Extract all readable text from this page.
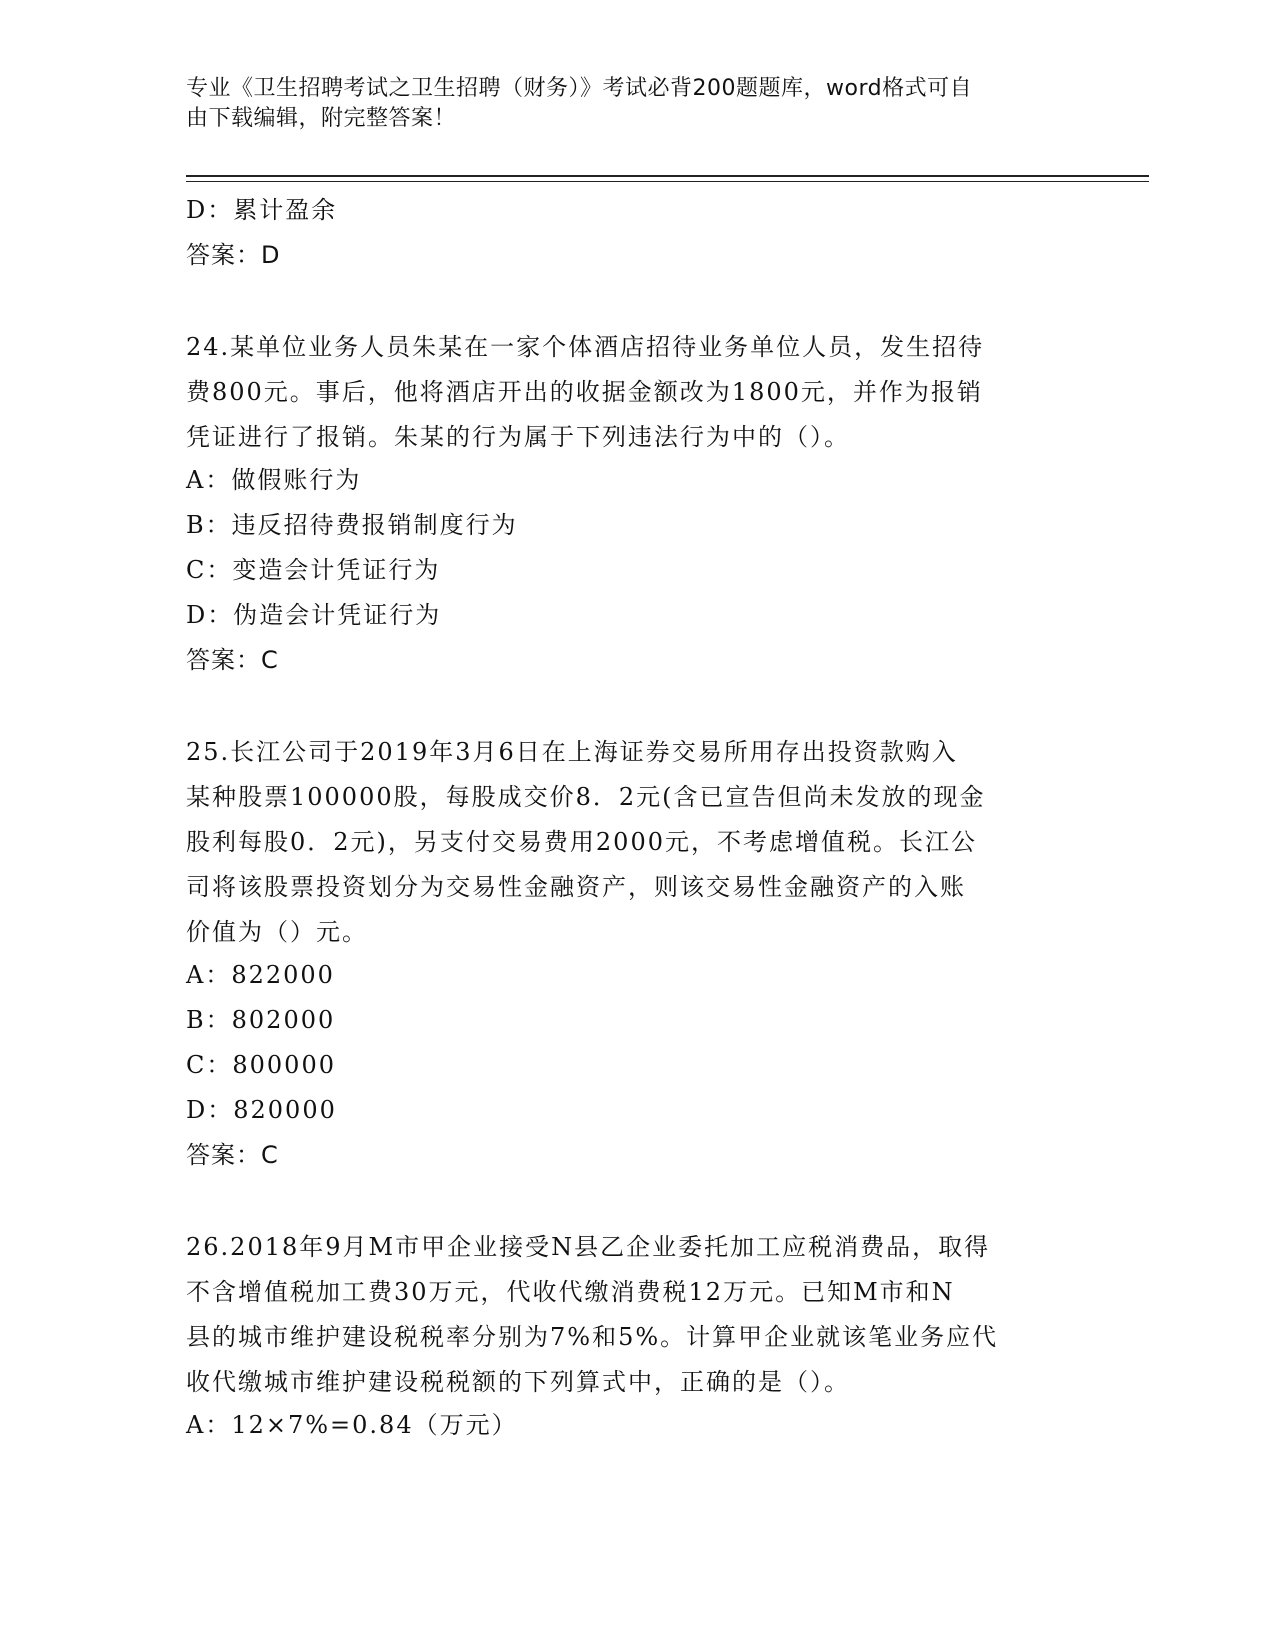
专业《卫生招聘考试之卫生招聘（财务）》考试必背200题题库，word格式可自
由下载编辑，附完整答案！
D：累计盈余
答案：D

24.某单位业务人员朱某在一家个体酒店招待业务单位人员，发生招待
费800元。事后，他将酒店开出的收据金额改为1800元，并作为报销
凭证进行了报销。朱某的行为属于下列违法行为中的（）。

A：做假账行为
B：违反招待费报销制度行为
C：变造会计凭证行为
D：伪造会计凭证行为
答案：C

25.长江公司于2019年3月6日在上海证券交易所用存出投资款购入
某种股票100000股，每股成交价8．2元(含已宣告但尚未发放的现金
股利每股0．2元)，另支付交易费用2000元，不考虑增值税。长江公
司将该股票投资划分为交易性金融资产，则该交易性金融资产的入账
价值为（）元。

A：822000
B：802000
C：800000
D：820000
答案：C

26.2018年9月M市甲企业接受N县乙企业委托加工应税消费品，取得
不含增值税加工费30万元，代收代缴消费税12万元。已知M市和N
县的城市维护建设税税率分别为7%和5%。计算甲企业就该笔业务应代
收代缴城市维护建设税税额的下列算式中，正确的是（）。

A：12×7%=0.84（万元）
